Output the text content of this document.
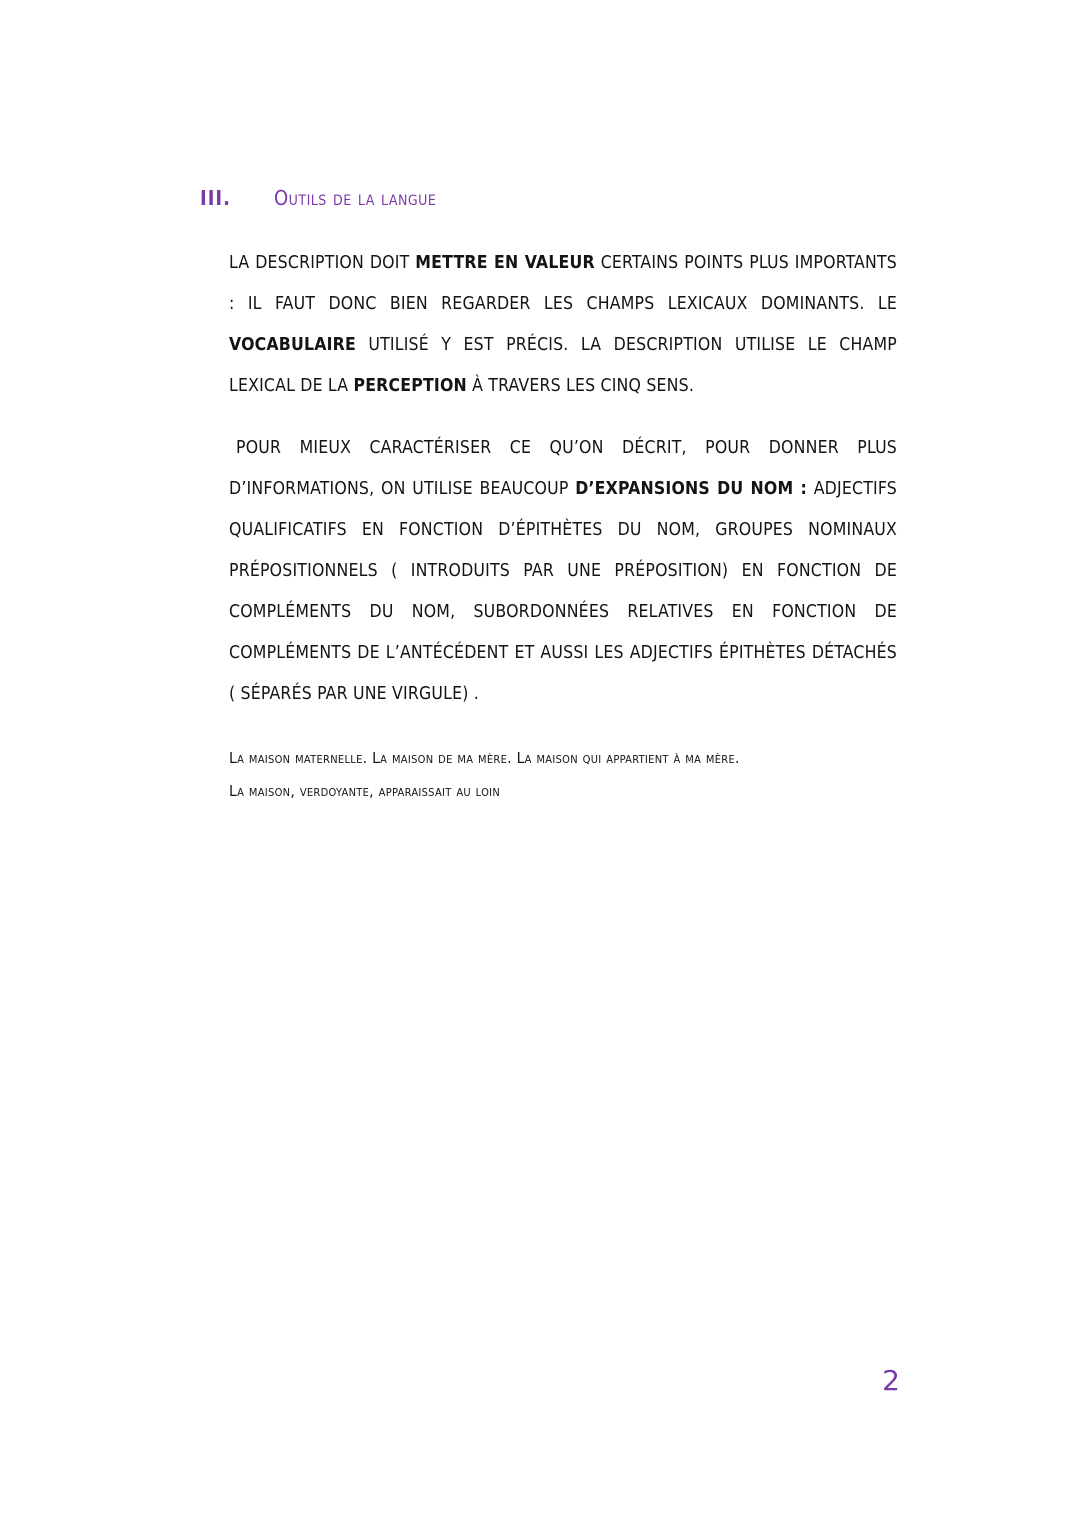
III. Outils de la langue

LA DESCRIPTION DOIT METTRE EN VALEUR CERTAINS POINTS PLUS IMPORTANTS : IL FAUT DONC BIEN REGARDER LES CHAMPS LEXICAUX DOMINANTS. LE VOCABULAIRE UTILISÉ Y EST PRÉCIS. LA DESCRIPTION UTILISE LE CHAMP LEXICAL DE LA PERCEPTION À TRAVERS LES CINQ SENS.

POUR MIEUX CARACTÉRISER CE QU’ON DÉCRIT, POUR DONNER PLUS D’INFORMATIONS, ON UTILISE BEAUCOUP D’EXPANSIONS DU NOM : ADJECTIFS QUALIFICATIFS EN FONCTION D’ÉPITHÈTES DU NOM, GROUPES NOMINAUX PRÉPOSITIONNELS ( INTRODUITS PAR UNE PRÉPOSITION) EN FONCTION DE COMPLÉMENTS DU NOM, SUBORDONNÉES RELATIVES EN FONCTION DE COMPLÉMENTS DE L’ANTÉCÉDENT ET AUSSI LES ADJECTIFS ÉPITHÈTES DÉTACHÉS ( SÉPARÉS PAR UNE VIRGULE) .

La maison maternelle. La maison de ma mère. La maison qui appartient à ma mère.
La maison, verdoyante, apparaissait au loin
2
